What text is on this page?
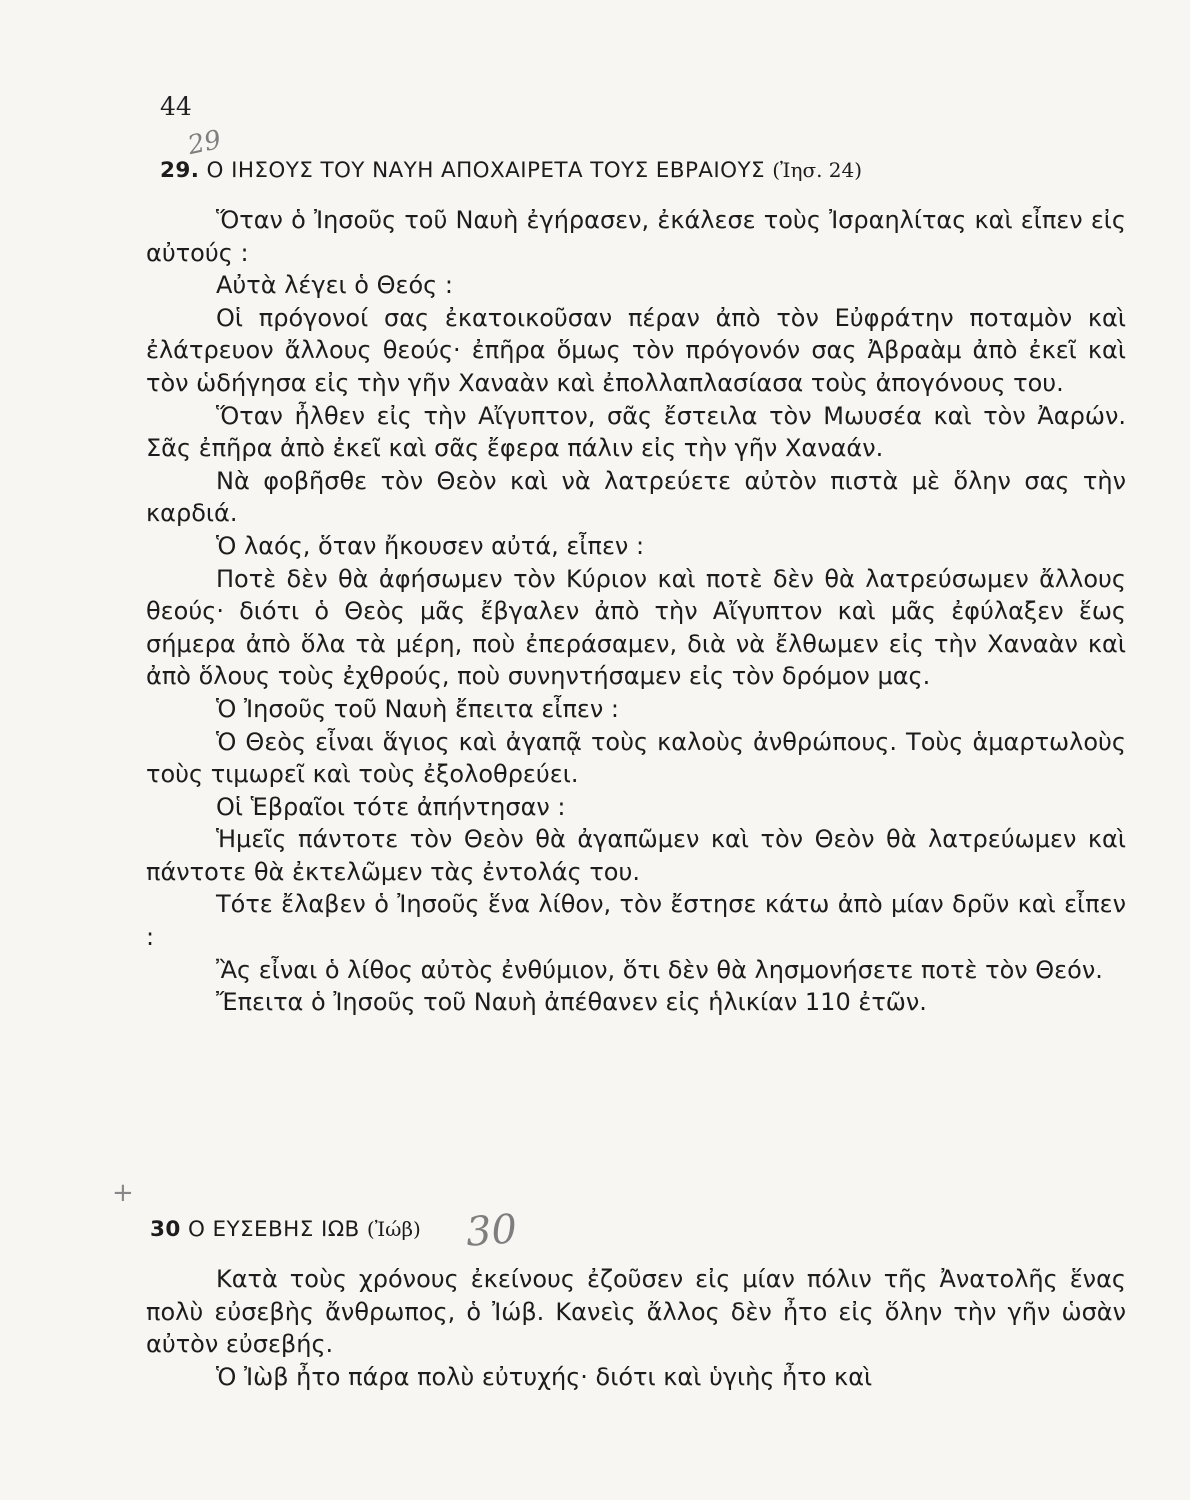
44
29
29. Ο ΙΗΣΟΥΣ ΤΟΥ ΝΑΥΗ ΑΠΟΧΑΙΡΕΤΑ ΤΟΥΣ ΕΒΡΑΙΟΥΣ (Ἰησ. 24)

Ὅταν ὁ Ἰησοῦς τοῦ Ναυὴ ἐγήρασεν, ἐκάλεσε τοὺς Ἰσραηλίτας καὶ εἶπεν εἰς αὐτούς :

Αὐτὰ λέγει ὁ Θεός :

Οἱ πρόγονοί σας ἐκατοικοῦσαν πέραν ἀπὸ τὸν Εὐφράτην ποταμὸν καὶ ἐλάτρευον ἄλλους θεούς· ἐπῆρα ὅμως τὸν πρόγονόν σας Ἀβραὰμ ἀπὸ ἐκεῖ καὶ τὸν ὡδήγησα εἰς τὴν γῆν Χαναὰν καὶ ἐπολλαπλασίασα τοὺς ἀπογόνους του.

Ὅταν ἦλθεν εἰς τὴν Αἴγυπτον, σᾶς ἔστειλα τὸν Μωυσέα καὶ τὸν Ἀαρών. Σᾶς ἐπῆρα ἀπὸ ἐκεῖ καὶ σᾶς ἔφερα πάλιν εἰς τὴν γῆν Χαναάν.

Νὰ φοβῆσθε τὸν Θεὸν καὶ νὰ λατρεύετε αὐτὸν πιστὰ μὲ ὅλην σας τὴν καρδιά.

Ὁ λαός, ὅταν ἤκουσεν αὐτά, εἶπεν :

Ποτὲ δὲν θὰ ἀφήσωμεν τὸν Κύριον καὶ ποτὲ δὲν θὰ λατρεύσωμεν ἄλλους θεούς· διότι ὁ Θεὸς μᾶς ἔβγαλεν ἀπὸ τὴν Αἴγυπτον καὶ μᾶς ἐφύλαξεν ἕως σήμερα ἀπὸ ὅλα τὰ μέρη, ποὺ ἐπεράσαμεν, διὰ νὰ ἔλθωμεν εἰς τὴν Χαναὰν καὶ ἀπὸ ὅλους τοὺς ἐχθρούς, ποὺ συνηντήσαμεν εἰς τὸν δρόμον μας.

Ὁ Ἰησοῦς τοῦ Ναυὴ ἔπειτα εἶπεν :

Ὁ Θεὸς εἶναι ἅγιος καὶ ἀγαπᾷ τοὺς καλοὺς ἀνθρώπους. Τοὺς ἁμαρτωλοὺς τοὺς τιμωρεῖ καὶ τοὺς ἐξολοθρεύει.

Οἱ Ἑβραῖοι τότε ἀπήντησαν :

Ἡμεῖς πάντοτε τὸν Θεὸν θὰ ἀγαπῶμεν καὶ τὸν Θεὸν θὰ λατρεύωμεν καὶ πάντοτε θὰ ἐκτελῶμεν τὰς ἐντολάς του.

Τότε ἔλαβεν ὁ Ἰησοῦς ἕνα λίθον, τὸν ἔστησε κάτω ἀπὸ μίαν δρῦν καὶ εἶπεν :

Ἂς εἶναι ὁ λίθος αὐτὸς ἐνθύμιον, ὅτι δὲν θὰ λησμονήσετε ποτὲ τὸν Θεόν.

Ἔπειτα ὁ Ἰησοῦς τοῦ Ναυὴ ἀπέθανεν εἰς ἡλικίαν 110 ἐτῶν.

+
30 Ο ΕΥΣΕΒΗΣ ΙΩΒ (Ἰώβ) 30

Κατὰ τοὺς χρόνους ἐκείνους ἐζοῦσεν εἰς μίαν πόλιν τῆς Ἀνατολῆς ἕνας πολὺ εὐσεβὴς ἄνθρωπος, ὁ Ἰώβ. Κανεὶς ἄλλος δὲν ἦτο εἰς ὅλην τὴν γῆν ὡσὰν αὐτὸν εὐσεβής.

Ὁ Ἰὼβ ἦτο πάρα πολὺ εὐτυχής· διότι καὶ ὑγιὴς ἦτο καὶ
